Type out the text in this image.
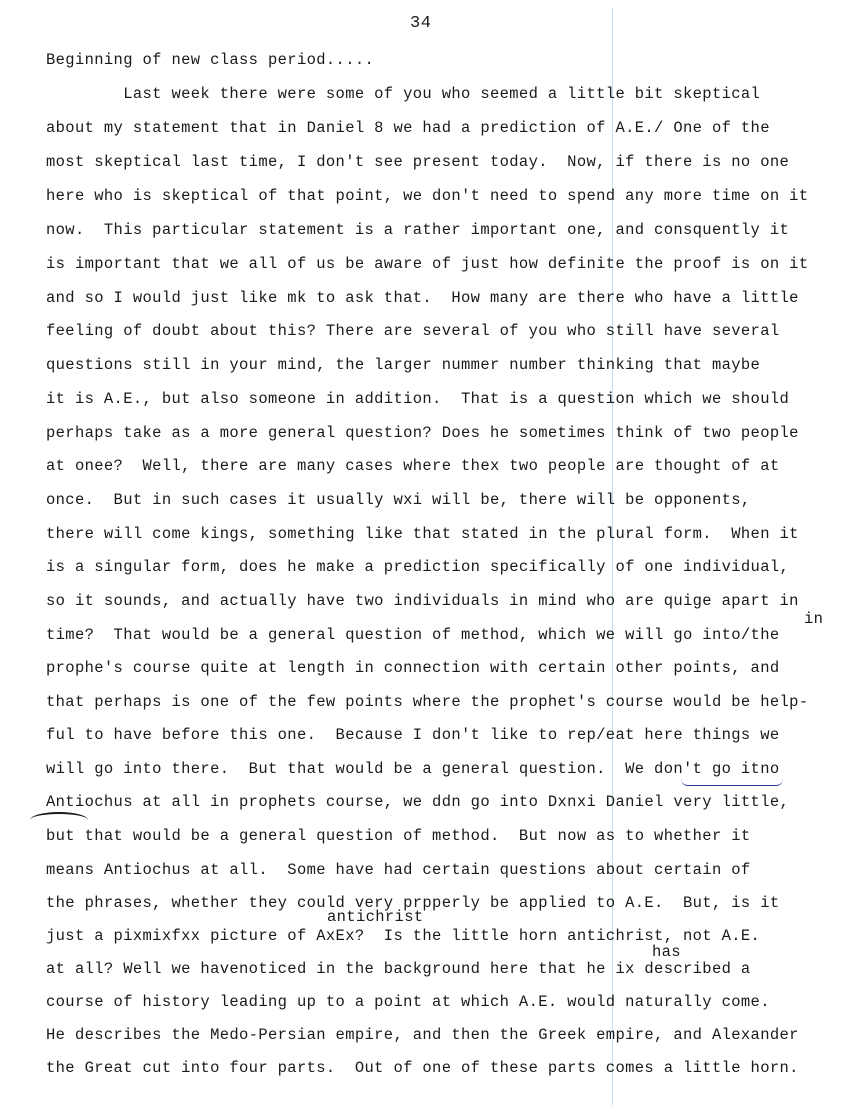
34
Beginning of new class period.....
Last week there were some of you who seemed a little bit skeptical
about my statement that in Daniel 8 we had a prediction of A.E./ One of the
most skeptical last time, I don't see present today.  Now, if there is no one
here who is skeptical of that point, we don't need to spend any more time on it
now.  This particular statement is a rather important one, and consquently it
is important that we all of us be aware of just how definite the proof is on it
and so I would just like mk to ask that.  How many are there who have a little
feeling of doubt about this? There are several of you who still have several
questions still in your mind, the larger nummer number thinking that maybe
it is A.E., but also someone in addition.  That is a question which we should
perhaps take as a more general question? Does he sometimes think of two people
at onee?  Well, there are many cases where thex two people are thought of at
once.  But in such cases it usually wxi will be, there will be opponents,
there will come kings, something like that stated in the plural form.  When it
is a singular form, does he make a prediction specifically of one individual,
so it sounds, and actually have two individuals in mind who are quige apart in
in
time?  That would be a general question of method, which we will go into/the
prophe's course quite at length in connection with certain other points, and
that perhaps is one of the few points where the prophet's course would be help-
ful to have before this one.  Because I don't like to rep/eat here things we
will go into there.  But that would be a general question.  We don't go itno
Antiochus at all in prophets course, we ddn go into Dxnxi Daniel very little,
but that would be a general question of method.  But now as to whether it
means Antiochus at all.  Some have had certain questions about certain of
the phrases, whether they could very prpperly be applied to A.E.  But, is it
antichrist
just a pixmixfxx picture of AxEx?  Is the little horn antichrist, not A.E.
has
at all? Well we havenoticed in the background here that he ix described a
course of history leading up to a point at which A.E. would naturally come.
He describes the Medo-Persian empire, and then the Greek empire, and Alexander
the Great cut into four parts.  Out of one of these parts comes a little horn.
